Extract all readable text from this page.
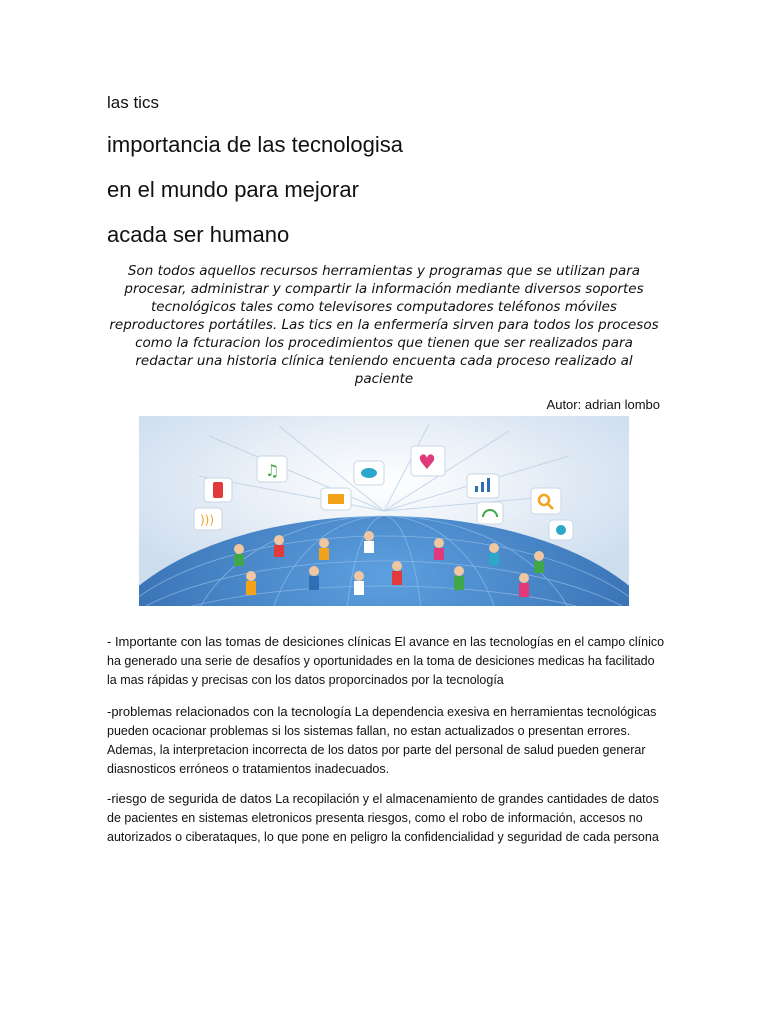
las tics
importancia de las tecnologisa
en el mundo para mejorar
acada ser humano
Son todos aquellos recursos herramientas y programas que se utilizan para procesar, administrar y compartir la información mediante diversos soportes tecnológicos tales como televisores computadores teléfonos móviles reproductores portátiles. Las tics en la enfermería sirven para todos los procesos como la fcturacion los procedimientos que tienen que ser realizados para redactar una historia clínica teniendo encuenta cada proceso realizado al paciente
Autor: adrian lombo
♫	♥
)))
- Importante con las tomas de desiciones clínicas El avance en las tecnologías en el campo clínico ha generado una serie de desafíos y oportunidades en la toma de desiciones medicas ha facilitado la mas rápidas y precisas con los datos proporcinados por la tecnología
-problemas relacionados con la tecnología La dependencia exesiva en herramientas tecnológicas pueden ocacionar problemas si los sistemas fallan, no estan actualizados o presentan errores. Ademas, la interpretacion incorrecta de los datos por parte del personal de salud pueden generar diasnosticos erróneos o tratamientos inadecuados.
-riesgo de segurida de datos La recopilación y el almacenamiento de grandes cantidades de datos de pacientes en sistemas eletronicos presenta riesgos, como el robo de información, accesos no autorizados o ciberataques, lo que pone en peligro la confidencialidad y seguridad de cada persona
